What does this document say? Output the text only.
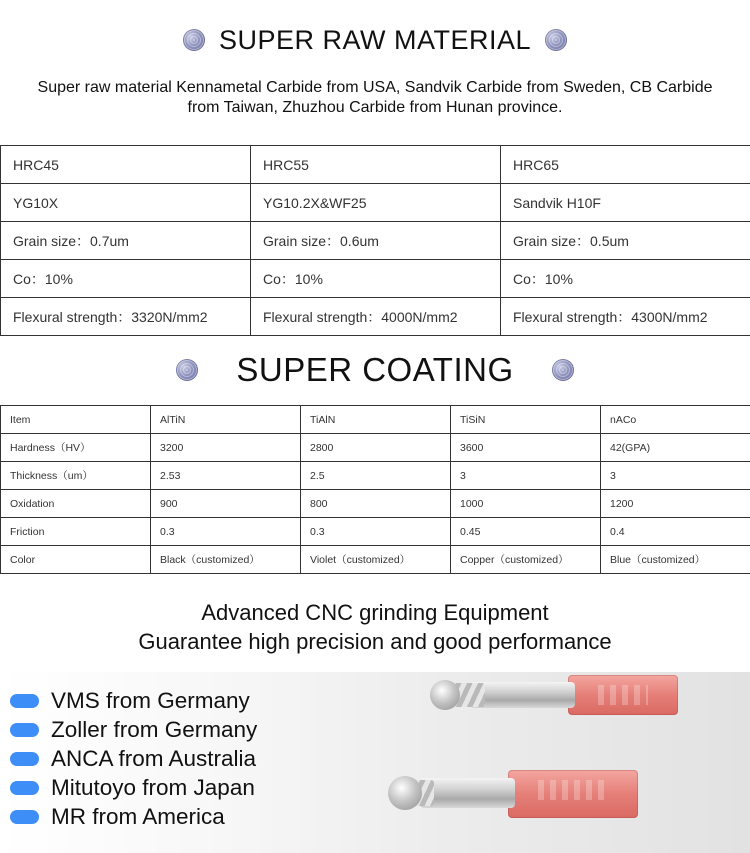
SUPER RAW MATERIAL
Super raw material Kennametal Carbide from USA, Sandvik Carbide from Sweden, CB Carbide from Taiwan, Zhuzhou Carbide from Hunan province.
HRC45	HRC55	HRC65
YG10X	YG10.2X&WF25	Sandvik H10F
Grain size：0.7um	Grain size：0.6um	Grain size：0.5um
Co：10%	Co：10%	Co：10%
Flexural strength：3320N/mm2	Flexural strength：4000N/mm2	Flexural strength：4300N/mm2
SUPER COATING
Item	AlTiN	TiAlN	TiSiN	nACo
Hardness（HV）	3200	2800	3600	42(GPA)
Thickness（um）	2.53	2.5	3	3
Oxidation	900	800	1000	1200
Friction	0.3	0.3	0.45	0.4
Color	Black（customized）	Violet（customized）	Copper（customized）	Blue（customized）
Advanced CNC grinding Equipment
Guarantee high precision and good performance
VMS from Germany
Zoller from Germany
ANCA from Australia
Mitutoyo from Japan
MR from America
